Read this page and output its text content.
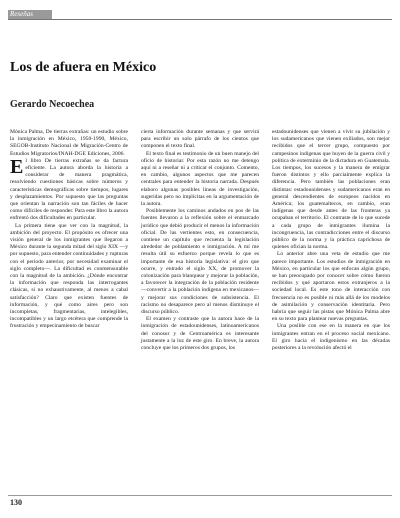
Reseñas
Los de afuera en México
Gerardo Necoechea

Mónica Palma, De tierras extrañas: un estudio sobre la inmigración en México, 1950-1990, México, SEGOB-Instituto Nacional de Migración-Centro de Estudios Migratorios/INAH-DGE Ediciones, 2006.

El libro De tierras extrañas se da factura eficiente. La autora aborda la historia a considerar de manera pragmática, resolviendo cuestiones básicas sobre números y características demográficas sobre tiempos, lugares y desplazamientos. Por supuesto que las preguntas que orientan la narración son tan fáciles de hacer como difíciles de responder. Para este libro la autora enfrentó dos dificultades en particular.

La primera tiene que ver con la magnitud, la ambición del proyecto. El propósito es ofrecer una visión general de los inmigrantes que llegaron a México durante la segunda mitad del siglo XIX —y por supuesto, para entender continuidades y rupturas con el periodo anterior, por necesidad examinar el siglo completo—. La dificultad es conmensurable con la magnitud de la ambición. ¿Dónde encontrar la información que responda las interrogantes clásicas, si no exhaustivamente, al menos a cabal satisfacción? Claro que existen fuentes de información, y qué como aires pero son incompletas, fragmentarias, intelegibles, incompatibles y un largo etcétera que comprende la frustración y empecinamiento de buscar

cierta información durante semanas y que servirá para escribir un solo párrafo de los cientos que componen el texto final.

El texto final es testimonio de un buen manejo del oficio de historiar. Por esta razón no me detengo aquí ni a reseñar ni a criticar el conjunto. Comento, en cambio, algunos aspectos que me parecen centrales para entender la historia narrada. Después elaboro algunas posibles líneas de investigación, sugeridas pero no implícitas en la argumentación de la autora.

Posiblemente los caminos andados en pos de las fuentes llevaron a la reflexión sobre el enmarcado jurídico que debió producir el menos la información oficial. De las vertientes esto, en consecuencia, contiene un capítulo que recuenta la legislación alrededor de poblamiento e inmigración. A mí me resulta útil su esfuerzo porque revela lo que es importante de esa historia legislativa: el giro que ocurre, y entrado el siglo XX, de promover la colonización para blanquear y mejorar la población, a favorecer la integración de la población residente —convertir a la población indígena en mexicanos— y mejorar sus condiciones de subsistencia. El racismo no desaparece pero al menos disminuye el discurso público.

El examen y contraste que la autora hace de la inmigración de estadounidenses, latinoamericanos del conosur y de Centroamérica es interesante justamente a la luz de este giro. En breve, la autora concluye que los primeros dos grupos, los

estadounidenses que vienen a vivir su jubilación y los sudamericanos que vienen exiliados, son mejor recibidos que el tercer grupo, compuesto por campesinos indígenas que huyen de la guerra civil y política de exterminio de la dictadura en Guatemala. Los tiempos, los sucesos y la manera de emigrar fueron distintos y ello parcialmente explica la diferencia. Pero también las poblaciones eran distintas: estadounidenses y sudamericanos eran en general descendientes de europeos nacidos en América; los guatemaltecos, en cambio, eran indígenas que desde antes de las fronteras ya ocupaban el territorio. El contraste de lo que sucede a cada grupo de inmigrantes ilumina la incongruencia, las contradicciones entre el discurso público de la norma y la práctica caprichosa de quienes ofician la norma.

Lo anterior abre una veta de estudio que me parece importante. Los estudios de inmigración en México, en particular los que enfocan algún grupo, se han preocupado por conocer sobre cómo fueron recibidos y qué aportaron estos extranjeros a la sociedad local. Es este tono de interacción con frecuencia no es posible ni más allá de los modelos de asimilación y conservación identitaria. Pero habría que seguir las pistas que Mónica Palma abre en su texto para plantear nuevas preguntas.

Una posible con ese en la manera en que los inmigrantes entran en el proceso social mexicano. El giro hacia el indigenismo en las décadas posteriores a la revolución afectó el

130
